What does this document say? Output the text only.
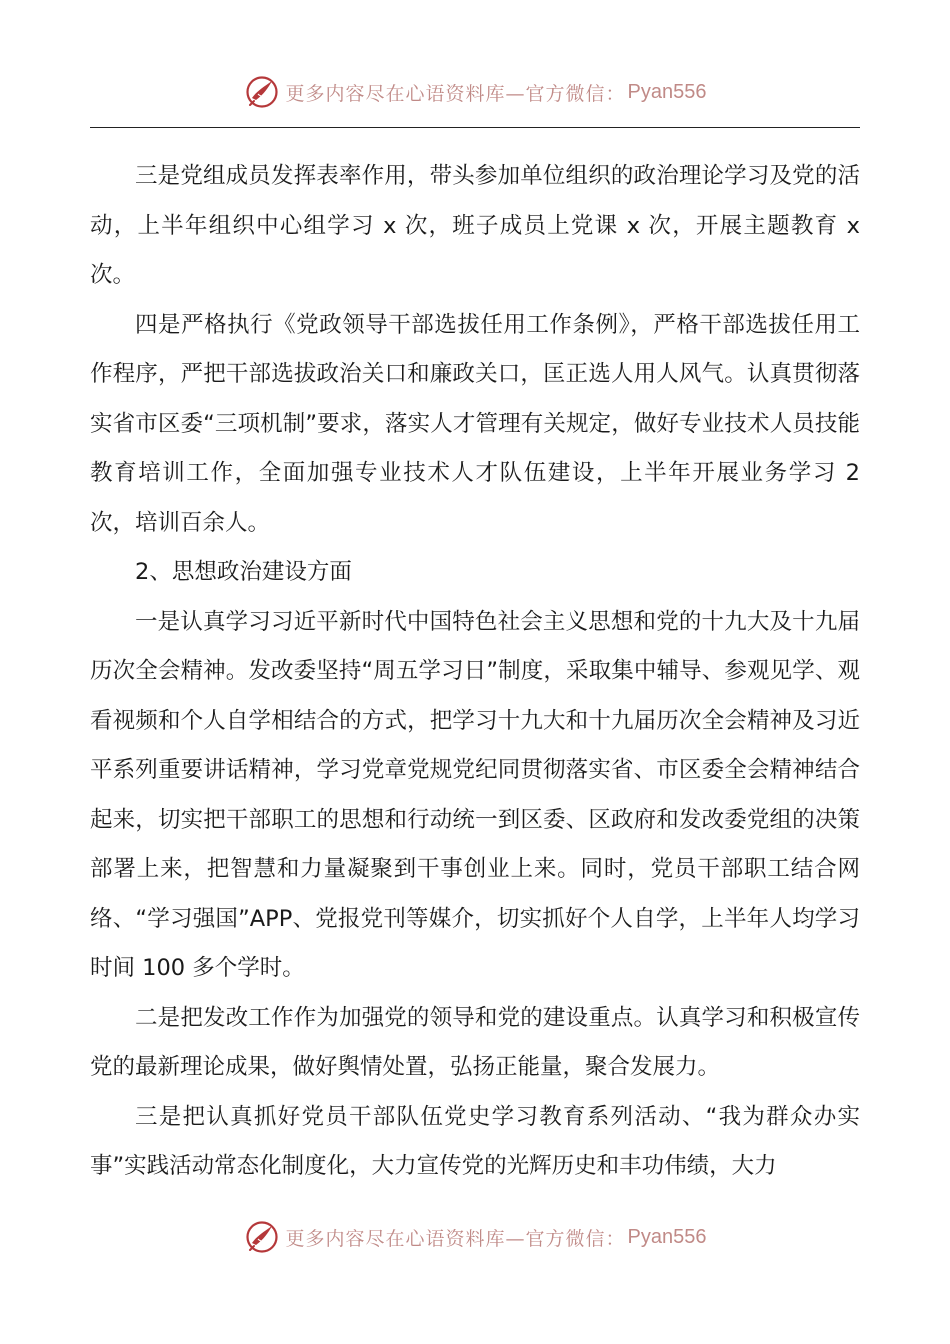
更多内容尽在心语资料库—官方微信： Pyan556

三是党组成员发挥表率作用，带头参加单位组织的政治理论学习及党的活动，上半年组织中心组学习 x 次，班子成员上党课 x 次，开展主题教育 x 次。

四是严格执行《党政领导干部选拔任用工作条例》，严格干部选拔任用工作程序，严把干部选拔政治关口和廉政关口，匡正选人用人风气。认真贯彻落实省市区委“三项机制”要求，落实人才管理有关规定，做好专业技术人员技能教育培训工作，全面加强专业技术人才队伍建设，上半年开展业务学习 2 次，培训百余人。

2、思想政治建设方面

一是认真学习习近平新时代中国特色社会主义思想和党的十九大及十九届历次全会精神。发改委坚持“周五学习日”制度，采取集中辅导、参观见学、观看视频和个人自学相结合的方式，把学习十九大和十九届历次全会精神及习近平系列重要讲话精神，学习党章党规党纪同贯彻落实省、市区委全会精神结合起来，切实把干部职工的思想和行动统一到区委、区政府和发改委党组的决策部署上来，把智慧和力量凝聚到干事创业上来。同时，党员干部职工结合网络、“学习强国”APP、党报党刊等媒介，切实抓好个人自学，上半年人均学习时间 100 多个学时。

二是把发改工作作为加强党的领导和党的建设重点。认真学习和积极宣传党的最新理论成果，做好舆情处置，弘扬正能量，聚合发展力。

三是把认真抓好党员干部队伍党史学习教育系列活动、“我为群众办实事”实践活动常态化制度化，大力宣传党的光辉历史和丰功伟绩，大力

更多内容尽在心语资料库—官方微信： Pyan556
